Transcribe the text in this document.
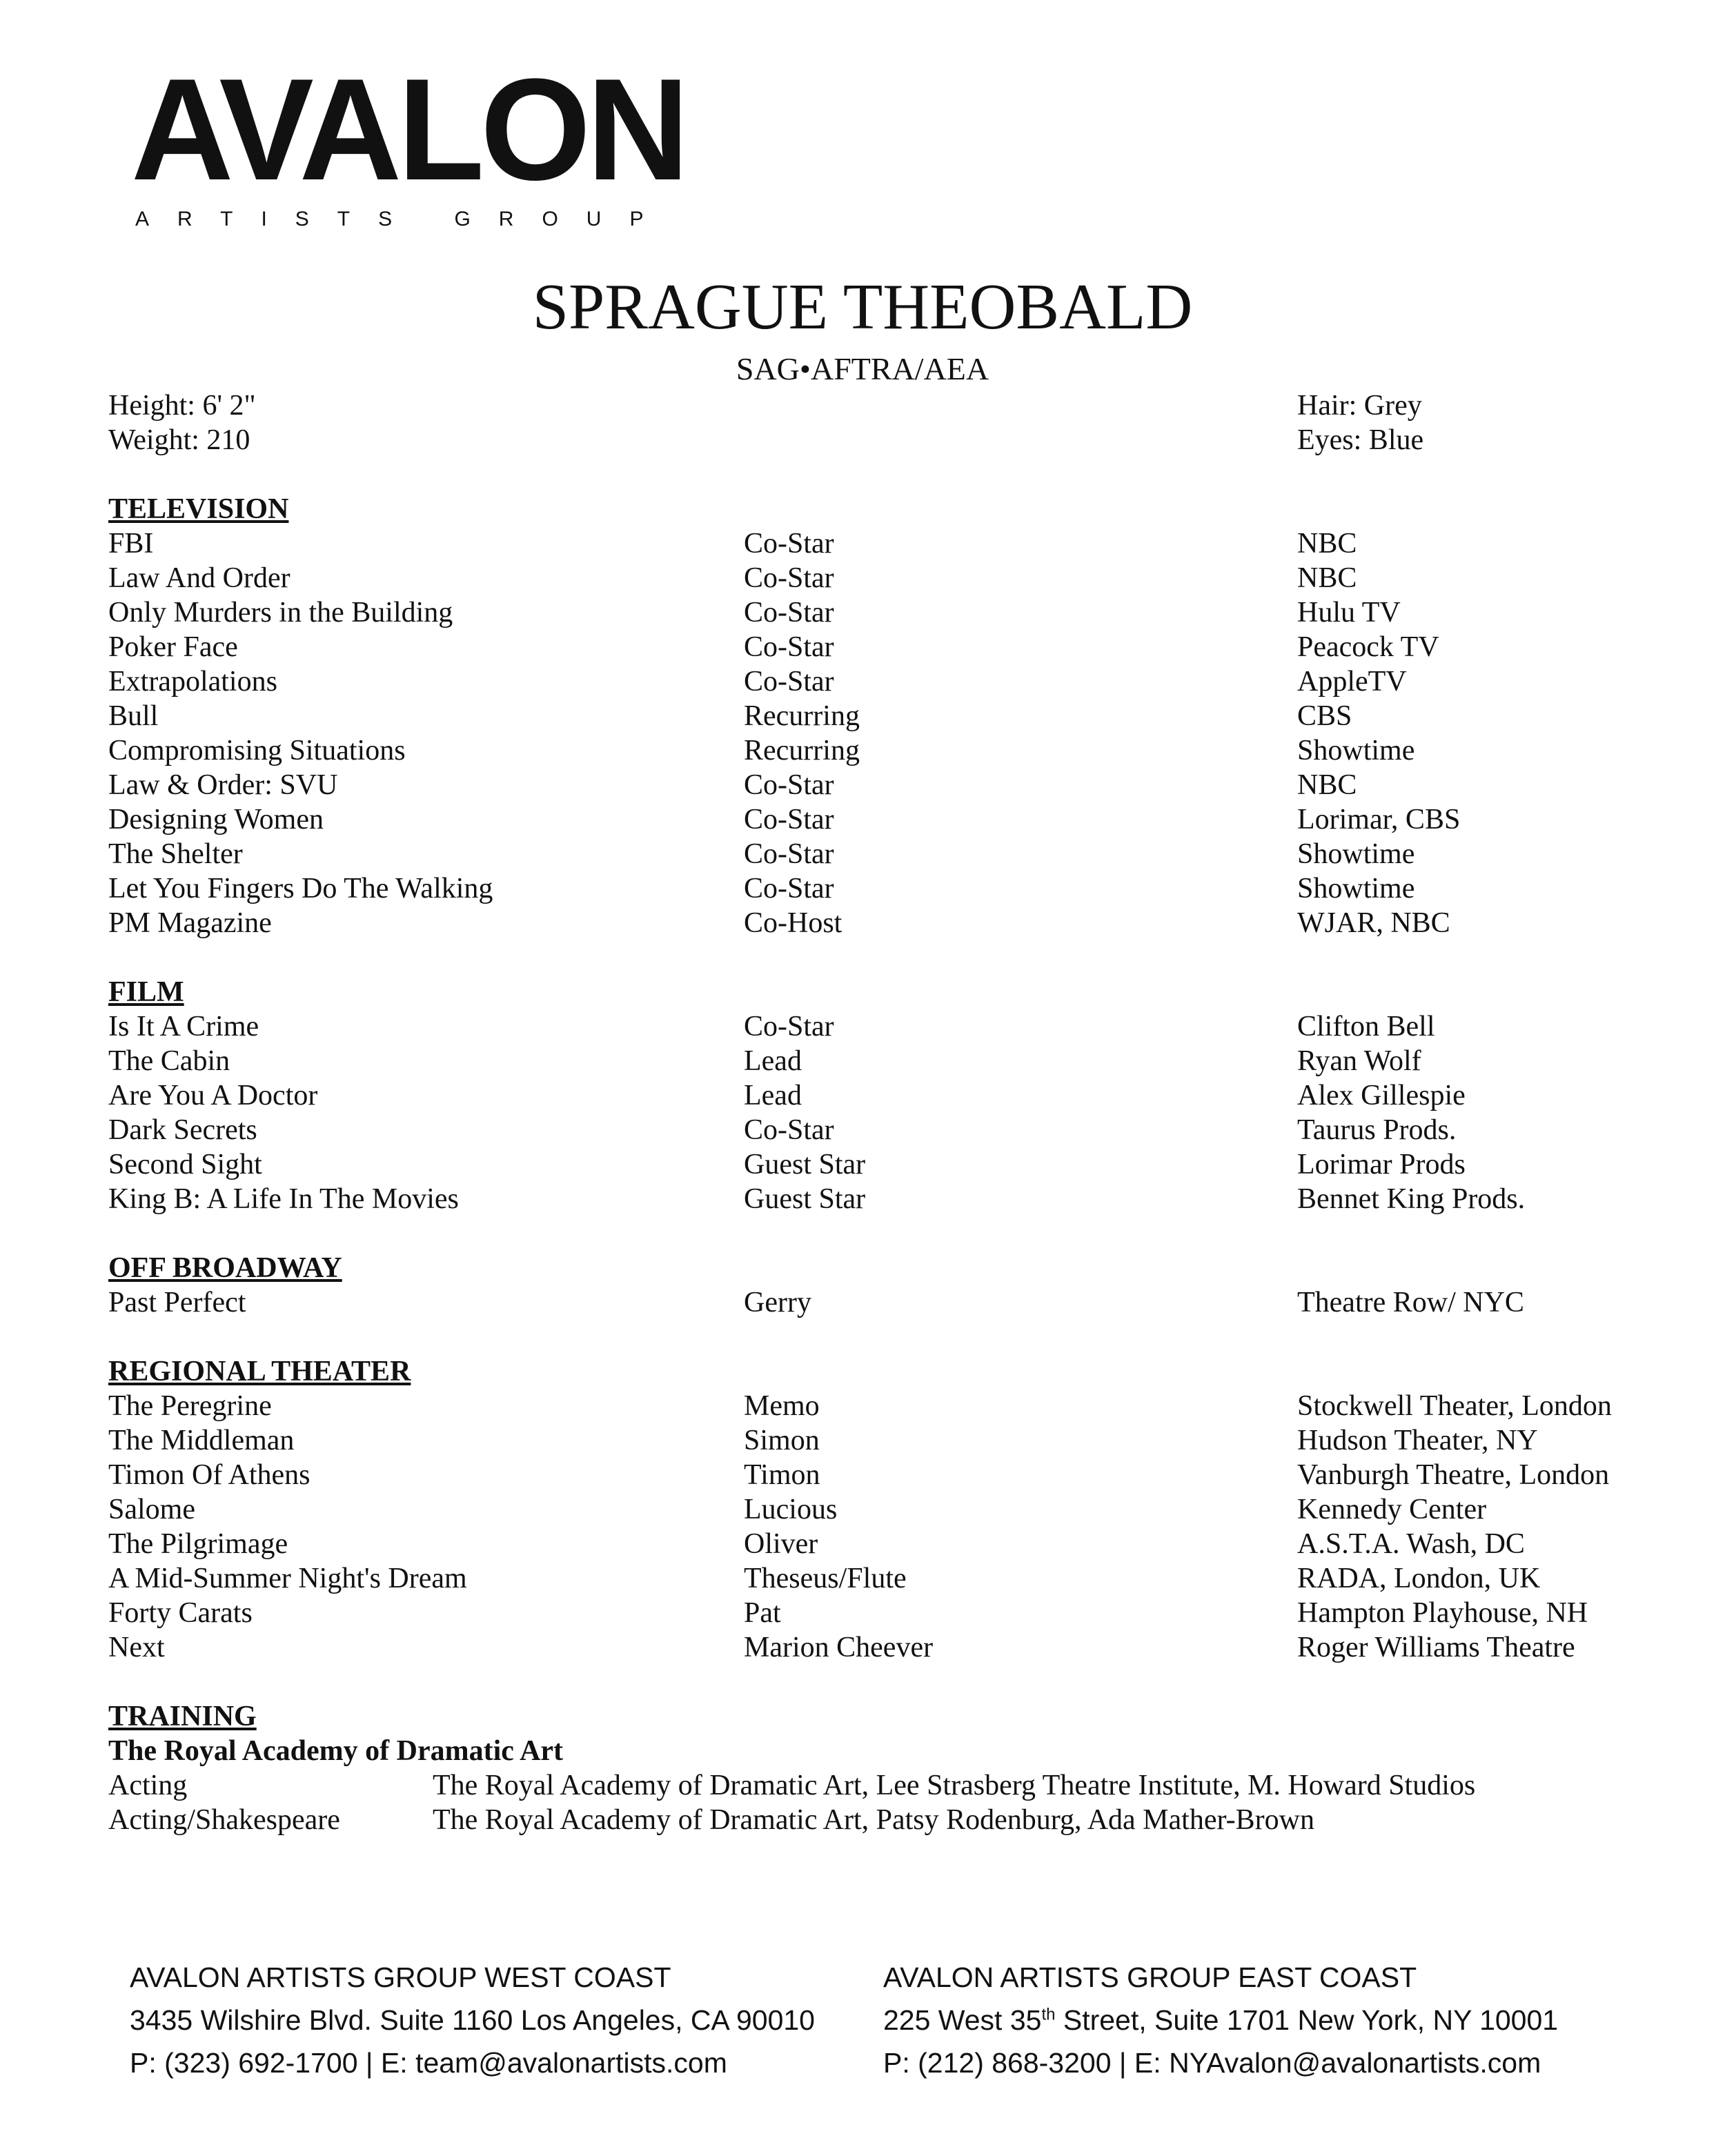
AVALON
ARTISTS GROUP
SPRAGUE THEOBALD
SAG•AFTRA/AEA
Height: 6' 2"
Weight: 210
Hair: Grey
Eyes: Blue
TELEVISION
FBI	Co-Star	NBC
Law And Order	Co-Star	NBC
Only Murders in the Building	Co-Star	Hulu TV
Poker Face	Co-Star	Peacock TV
Extrapolations	Co-Star	AppleTV
Bull	Recurring	CBS
Compromising Situations	Recurring	Showtime
Law & Order: SVU	Co-Star	NBC
Designing Women	Co-Star	Lorimar, CBS
The Shelter	Co-Star	Showtime
Let You Fingers Do The Walking	Co-Star	Showtime
PM Magazine	Co-Host	WJAR, NBC
FILM
Is It A Crime	Co-Star	Clifton Bell
The Cabin	Lead	Ryan Wolf
Are You A Doctor	Lead	Alex Gillespie
Dark Secrets	Co-Star	Taurus Prods.
Second Sight	Guest Star	Lorimar Prods
King B: A Life In The Movies	Guest Star	Bennet King Prods.
OFF BROADWAY
Past Perfect	Gerry	Theatre Row/ NYC
REGIONAL THEATER
The Peregrine	Memo	Stockwell Theater, London
The Middleman	Simon	Hudson Theater, NY
Timon Of Athens	Timon	Vanburgh Theatre, London
Salome	Lucious	Kennedy Center
The Pilgrimage	Oliver	A.S.T.A. Wash, DC
A Mid-Summer Night's Dream	Theseus/Flute	RADA, London, UK
Forty Carats	Pat	Hampton Playhouse, NH
Next	Marion Cheever	Roger Williams Theatre
TRAINING
The Royal Academy of Dramatic Art
Acting	The Royal Academy of Dramatic Art, Lee Strasberg Theatre Institute, M. Howard Studios
Acting/Shakespeare	The Royal Academy of Dramatic Art, Patsy Rodenburg, Ada Mather-Brown
AVALON ARTISTS GROUP WEST COAST
3435 Wilshire Blvd. Suite 1160 Los Angeles, CA 90010
P: (323) 692-1700 | E: team@avalonartists.com
AVALON ARTISTS GROUP EAST COAST
225 West 35th Street, Suite 1701 New York, NY 10001
P: (212) 868-3200 | E: NYAvalon@avalonartists.com
